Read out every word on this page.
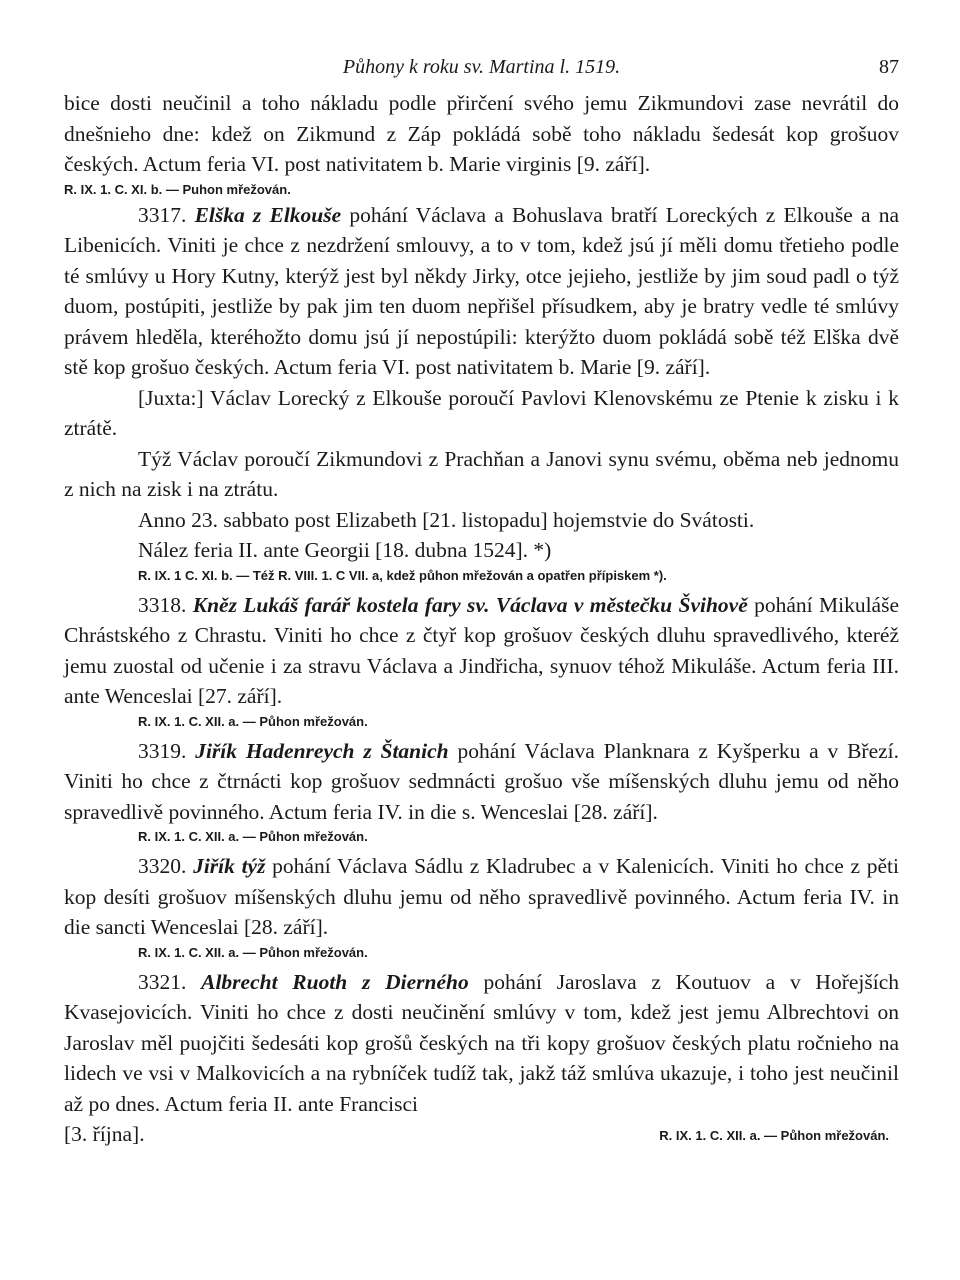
Půhony k roku sv. Martina l. 1519.	87

bice dosti neučinil a toho nákladu podle přirčení svého jemu Zikmundovi zase nevrátil do dnešnieho dne: kdež on Zikmund z Záp pokládá sobě toho nákladu šedesát kop grošuov českých. Actum feria VI. post nativitatem b. Marie virginis [9. září].

R. IX. 1. C. XI. b. — Puhon mřežován.

3317. Elška z Elkouše pohání Václava a Bohuslava bratří Loreckých z Elkouše a na Libenicích. Viniti je chce z nezdržení smlouvy, a to v tom, kdež jsú jí měli domu třetieho podle té smlúvy u Hory Kutny, kterýž jest byl někdy Jirky, otce jejieho, jestliže by jim soud padl o týž duom, postúpiti, jestliže by pak jim ten duom nepřišel přísudkem, aby je bratry vedle té smlúvy právem hleděla, kteréhožto domu jsú jí nepostúpili: kterýžto duom pokládá sobě též Elška dvě stě kop grošuo českých. Actum feria VI. post nativitatem b. Marie [9. září].

[Juxta:] Václav Lorecký z Elkouše poroučí Pavlovi Klenovskému ze Ptenie k zisku i k ztrátě.

Týž Václav poroučí Zikmundovi z Prachňan a Janovi synu svému, oběma neb jednomu z nich na zisk i na ztrátu.

Anno 23. sabbato post Elizabeth [21. listopadu] hojemstvie do Svátosti.

Nález feria II. ante Georgii [18. dubna 1524]. *)

R. IX. 1 C. XI. b. — Též R. VIII. 1. C VII. a, kdež půhon mřežován a opatřen přípiskem *).

3318. Kněz Lukáš farář kostela fary sv. Václava v městečku Švihově pohání Mikuláše Chrástského z Chrastu. Viniti ho chce z čtyř kop grošuov českých dluhu spravedlivého, kteréž jemu zuostal od učenie i za stravu Václava a Jindřicha, synuov téhož Mikuláše. Actum feria III. ante Wenceslai [27. září].

R. IX. 1. C. XII. a. — Půhon mřežován.

3319. Jiřík Hadenreych z Štanich pohání Václava Planknara z Kyšperku a v Březí. Viniti ho chce z čtrnácti kop grošuov sedmnácti grošuo vše míšenských dluhu jemu od něho spravedlivě povinného. Actum feria IV. in die s. Wenceslai [28. září].

R. IX. 1. C. XII. a. — Půhon mřežován.

3320. Jiřík týž pohání Václava Sádlu z Kladrubec a v Kalenicích. Viniti ho chce z pěti kop desíti grošuov míšenských dluhu jemu od něho spravedlivě povinného. Actum feria IV. in die sancti Wenceslai [28. září].

R. IX. 1. C. XII. a. — Půhon mřežován.

3321. Albrecht Ruoth z Dierného pohání Jaroslava z Koutuov a v Hořejších Kvasejovicích. Viniti ho chce z dosti neučinění smlúvy v tom, kdež jest jemu Albrechtovi on Jaroslav měl puojčiti šedesáti kop grošů českých na tři kopy grošuov českých platu ročnieho na lidech ve vsi v Malkovicích a na rybníček tudíž tak, jakž táž smlúva ukazuje, i toho jest neučinil až po dnes. Actum feria II. ante Francisci

[3. října].	R. IX. 1. C. XII. a. — Půhon mřežován.
